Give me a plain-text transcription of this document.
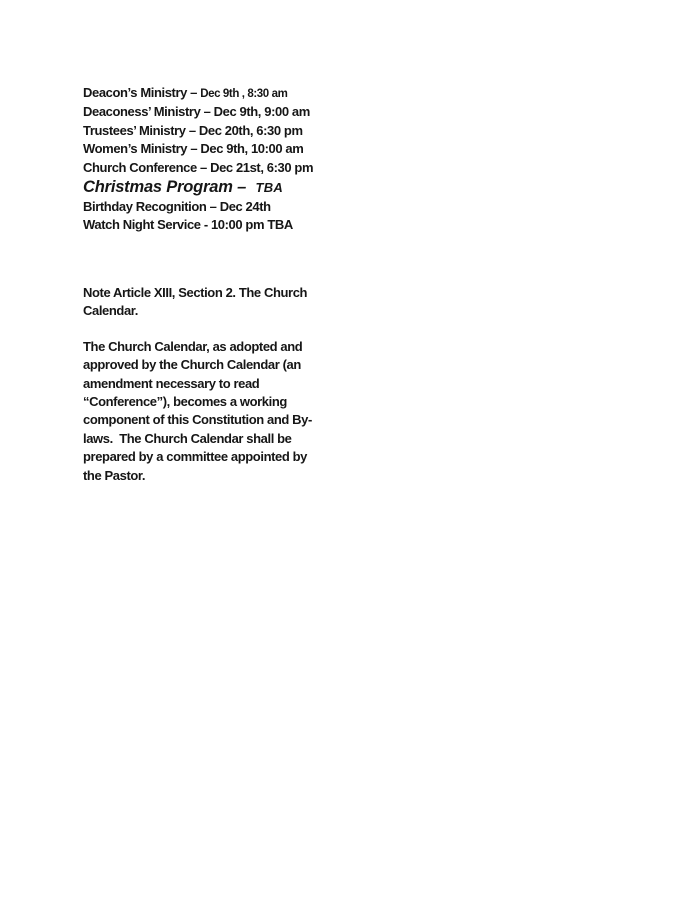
Deacon’s Ministry – Dec 9th , 8:30 am
Deaconess’ Ministry – Dec 9th, 9:00 am
Trustees’ Ministry – Dec 20th, 6:30 pm
Women’s Ministry – Dec 9th, 10:00 am
Church Conference – Dec 21st, 6:30 pm
Christmas Program – TBA
Birthday Recognition – Dec 24th
Watch Night Service - 10:00 pm TBA
Note Article XIII, Section 2. The Church
Calendar.
The Church Calendar, as adopted and
approved by the Church Calendar (an
amendment necessary to read
“Conference”), becomes a working
component of this Constitution and By-
laws.  The Church Calendar shall be
prepared by a committee appointed by
the Pastor.
